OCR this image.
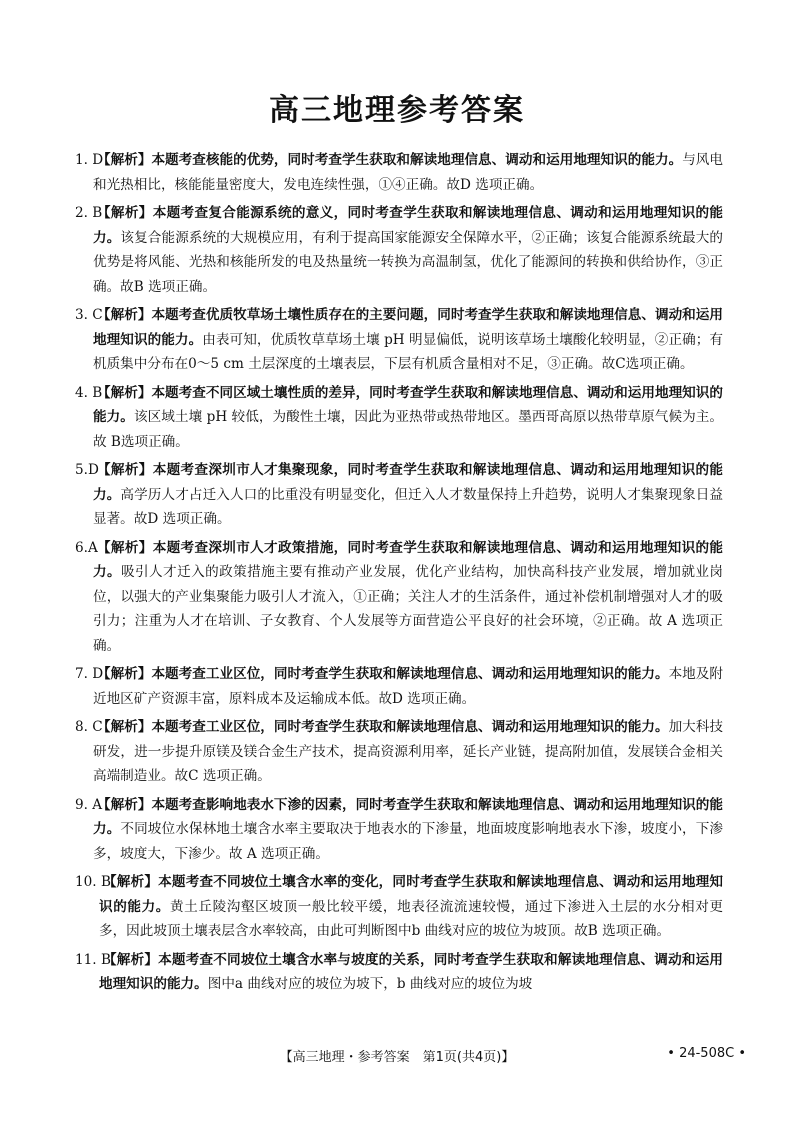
高三地理参考答案
1. D
【解析】本题考查核能的优势，同时考查学生获取和解读地理信息、调动和运用地理知识的能力。与风电和光热相比，核能能量密度大，发电连续性强，①④正确。故D 选项正确。
2. B
【解析】本题考查复合能源系统的意义，同时考查学生获取和解读地理信息、调动和运用地理知识的能力。该复合能源系统的大规模应用，有利于提高国家能源安全保障水平，②正确；该复合能源系统最大的优势是将风能、光热和核能所发的电及热量统一转换为高温制氢，优化了能源间的转换和供给协作，③正确。故B 选项正确。
3. C
【解析】本题考查优质牧草场土壤性质存在的主要问题，同时考查学生获取和解读地理信息、调动和运用地理知识的能力。由表可知，优质牧草草场土壤 pH 明显偏低，说明该草场土壤酸化较明显，②正确；有机质集中分布在0～5 cm 土层深度的土壤表层，下层有机质含量相对不足，③正确。故C选项正确。
4. B
【解析】本题考查不同区域土壤性质的差异，同时考查学生获取和解读地理信息、调动和运用地理知识的能力。该区域土壤 pH 较低，为酸性土壤，因此为亚热带或热带地区。墨西哥高原以热带草原气候为主。故 B选项正确。
5.D
【解析】本题考查深圳市人才集聚现象，同时考查学生获取和解读地理信息、调动和运用地理知识的能力。高学历人才占迁入人口的比重没有明显变化，但迁入人才数量保持上升趋势，说明人才集聚现象日益显著。故D 选项正确。
6.A 【解析】本题考查深圳市人才政策措施，同时考查学生获取和解读地理信息、调动和运用地理知识的能力。吸引人才迁入的政策措施主要有推动产业发展，优化产业结构，加快高科技产业发展，增加就业岗位，以强大的产业集聚能力吸引人才流入，①正确；关注人才的生活条件，通过补偿机制增强对人才的吸引力；注重为人才在培训、子女教育、个人发展等方面营造公平良好的社会环境，②正确。故 A 选项正确。
7. D
【解析】本题考查工业区位，同时考查学生获取和解读地理信息、调动和运用地理知识的能力。本地及附近地区矿产资源丰富，原料成本及运输成本低。故D 选项正确。
8. C
【解析】本题考查工业区位，同时考查学生获取和解读地理信息、调动和运用地理知识的能力。加大科技研发，进一步提升原镁及镁合金生产技术，提高资源利用率，延长产业链，提高附加值，发展镁合金相关高端制造业。故C 选项正确。
9. A
【解析】本题考查影响地表水下渗的因素，同时考查学生获取和解读地理信息、调动和运用地理知识的能力。不同坡位水保林地土壤含水率主要取决于地表水的下渗量，地面坡度影响地表水下渗，坡度小，下渗多，坡度大，下渗少。故 A 选项正确。
10. B
【解析】本题考查不同坡位土壤含水率的变化，同时考查学生获取和解读地理信息、调动和运用地理知识的能力。黄土丘陵沟壑区坡顶一般比较平缓，地表径流流速较慢，通过下渗进入土层的水分相对更多，因此坡顶土壤表层含水率较高，由此可判断图中b 曲线对应的坡位为坡顶。故B 选项正确。
11. B
【解析】本题考查不同坡位土壤含水率与坡度的关系，同时考查学生获取和解读地理信息、调动和运用地理知识的能力。图中a 曲线对应的坡位为坡下，b 曲线对应的坡位为坡
【高三地理・参考答案　第1页(共4页)】	• 24-508C •
